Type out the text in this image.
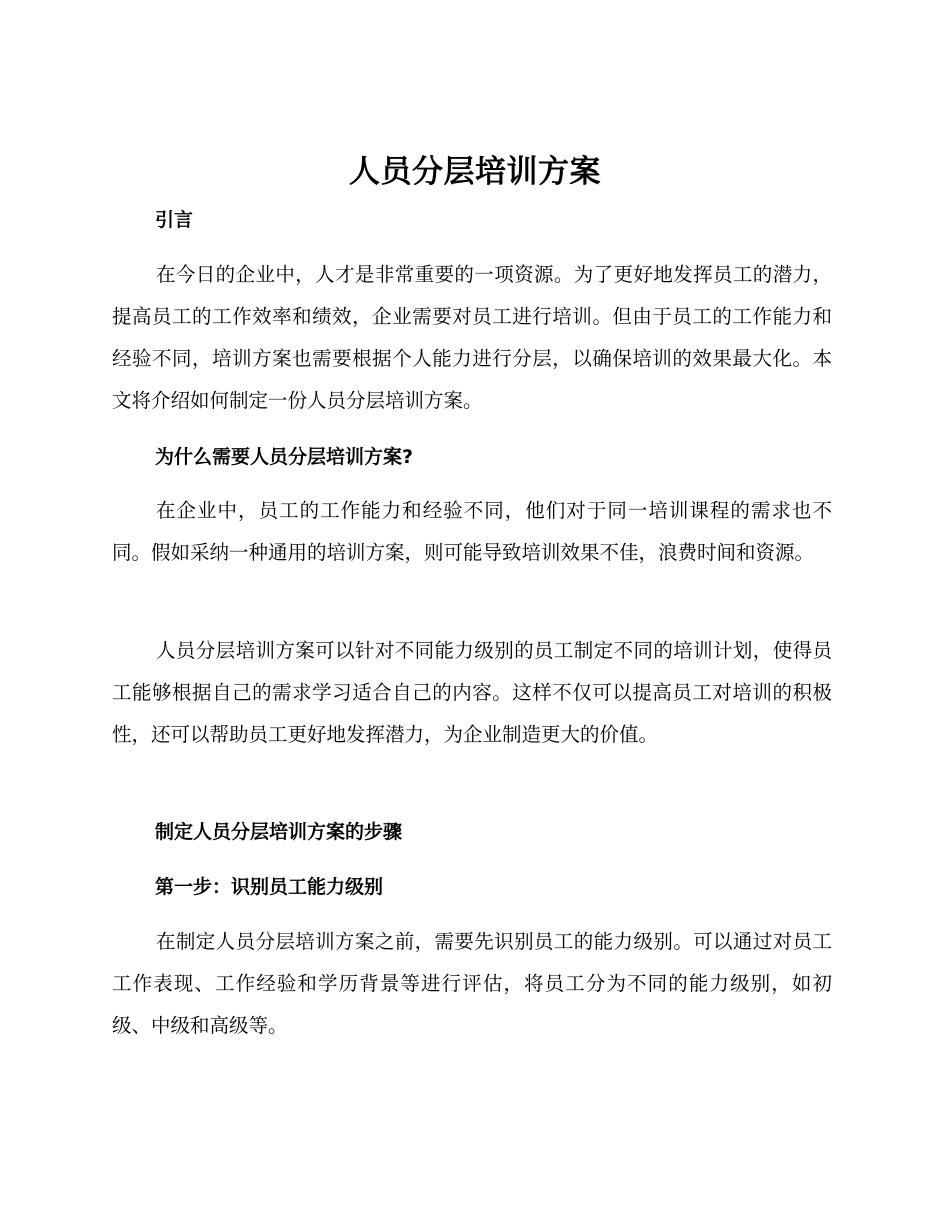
人员分层培训方案
引言

在今日的企业中，人才是非常重要的一项资源。为了更好地发挥员工的潜力，提高员工的工作效率和绩效，企业需要对员工进行培训。但由于员工的工作能力和经验不同，培训方案也需要根据个人能力进行分层，以确保培训的效果最大化。本文将介绍如何制定一份人员分层培训方案。

为什么需要人员分层培训方案?

在企业中，员工的工作能力和经验不同，他们对于同一培训课程的需求也不同。假如采纳一种通用的培训方案，则可能导致培训效果不佳，浪费时间和资源。

人员分层培训方案可以针对不同能力级别的员工制定不同的培训计划，使得员工能够根据自己的需求学习适合自己的内容。这样不仅可以提高员工对培训的积极性，还可以帮助员工更好地发挥潜力，为企业制造更大的价值。

制定人员分层培训方案的步骤
第一步：识别员工能力级别

在制定人员分层培训方案之前，需要先识别员工的能力级别。可以通过对员工工作表现、工作经验和学历背景等进行评估，将员工分为不同的能力级别，如初级、中级和高级等。
